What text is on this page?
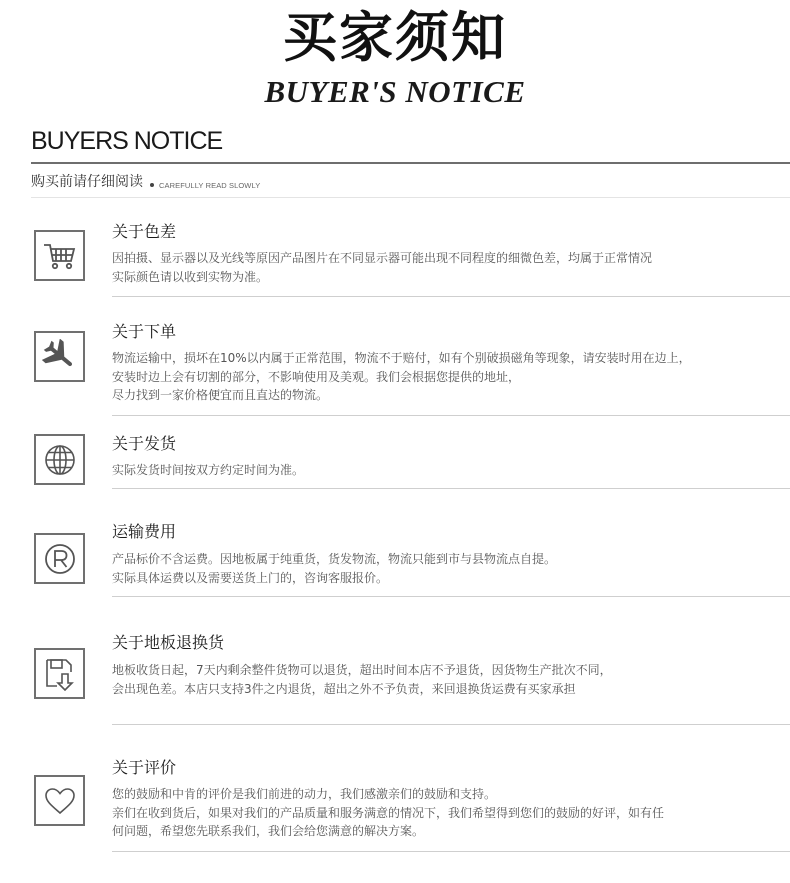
买家须知
BUYER'S NOTICE
BUYERS NOTICE
购买前请仔细阅读 CAREFULLY READ SLOWLY
关于色差
因拍摄、显示器以及光线等原因产品图片在不同显示器可能出现不同程度的细微色差，均属于正常情况
实际颜色请以收到实物为准。
关于下单
物流运输中，损坏在10%以内属于正常范围，物流不于赔付，如有个别破损磁角等现象，请安装时用在边上，
安装时边上会有切割的部分，不影响使用及美观。我们会根据您提供的地址，
尽力找到一家价格便宜而且直达的物流。
关于发货
实际发货时间按双方约定时间为准。
运输费用
产品标价不含运费。因地板属于纯重货，货发物流，物流只能到市与县物流点自提。
实际具体运费以及需要送货上门的，咨询客服报价。
关于地板退换货
地板收货日起，7天内剩余整件货物可以退货，超出时间本店不予退货，因货物生产批次不同，
会出现色差。本店只支持3件之内退货，超出之外不予负责，来回退换货运费有买家承担
关于评价
您的鼓励和中肯的评价是我们前进的动力，我们感激亲们的鼓励和支持。
亲们在收到货后，如果对我们的产品质量和服务满意的情况下，我们希望得到您们的鼓励的好评，如有任
何问题，希望您先联系我们，我们会给您满意的解决方案。
